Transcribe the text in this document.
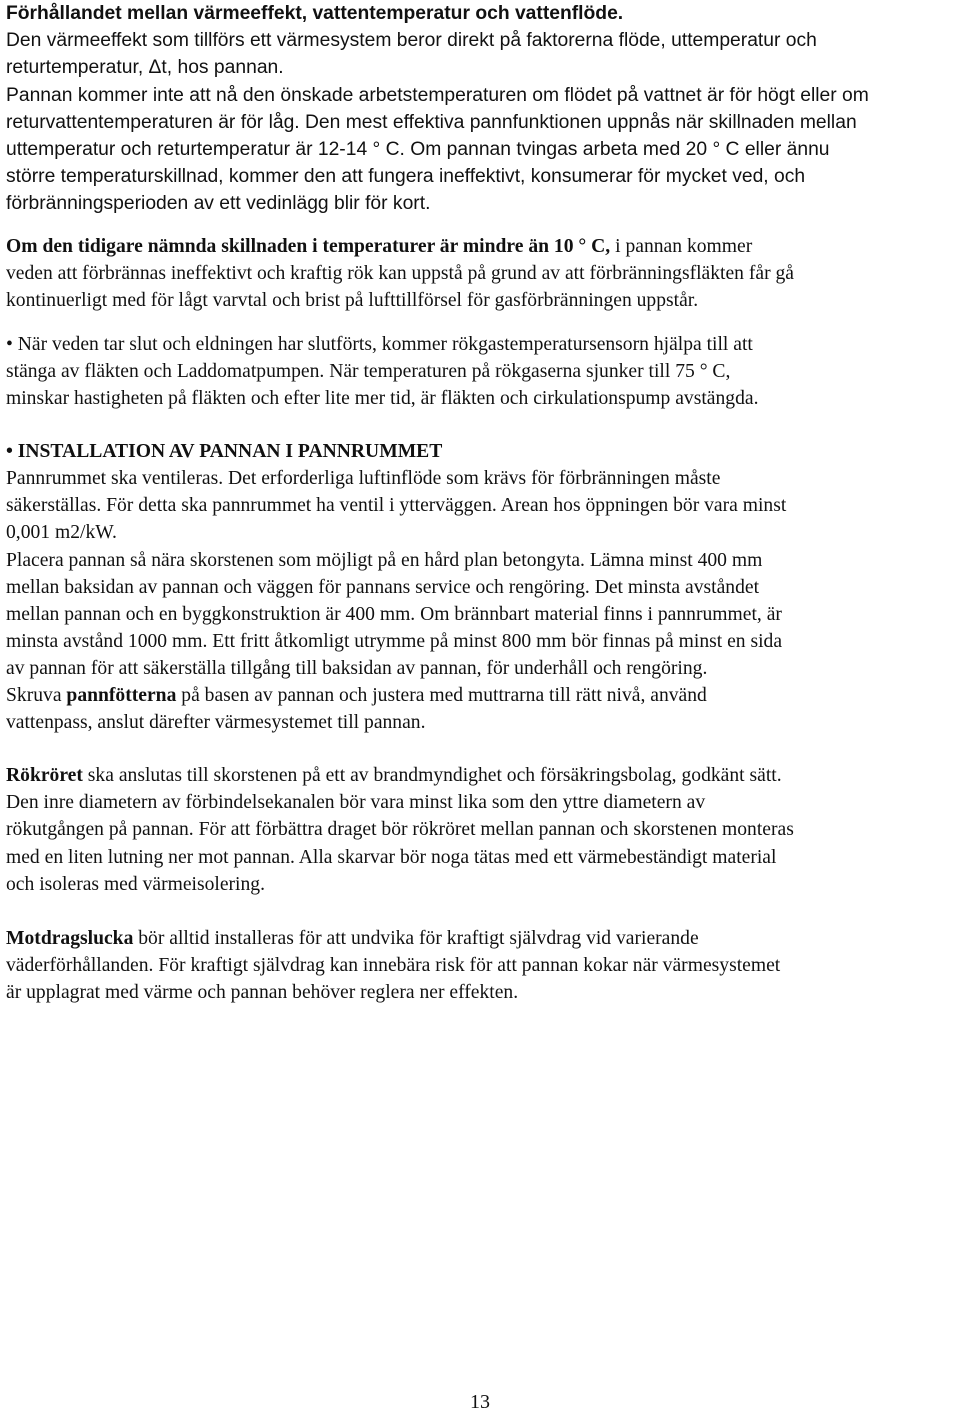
Förhållandet mellan värmeeffekt, vattentemperatur och vattenflöde.
Den värmeeffekt som tillförs ett värmesystem beror direkt på faktorerna flöde, uttemperatur och
returtemperatur, Δt, hos pannan.
Pannan kommer inte att nå den önskade arbetstemperaturen om flödet på vattnet är för högt eller om
returvattentemperaturen är för låg. Den mest effektiva pannfunktionen uppnås när skillnaden mellan
uttemperatur och returtemperatur är 12-14 ° C. Om pannan tvingas arbeta med 20 ° C eller ännu
större temperaturskillnad, kommer den att fungera ineffektivt, konsumerar för mycket ved, och
förbränningsperioden av ett vedinlägg blir för kort.
Om den tidigare nämnda skillnaden i temperaturer är mindre än 10 ° C, i pannan kommer
veden att förbrännas ineffektivt och kraftig rök kan uppstå på grund av att förbränningsfläkten får gå
kontinuerligt med för lågt varvtal och brist på lufttillförsel för gasförbränningen uppstår.
• När veden tar slut och eldningen har slutförts, kommer rökgastemperatursensorn hjälpa till att
stänga av fläkten och Laddomatpumpen. När temperaturen på rökgaserna sjunker till 75 ° C,
minskar hastigheten på fläkten och efter lite mer tid, är fläkten och cirkulationspump avstängda.
• INSTALLATION AV PANNAN I PANNRUMMET
Pannrummet ska ventileras. Det erforderliga luftinflöde som krävs för förbränningen måste
säkerställas. För detta ska pannrummet ha ventil i ytterväggen. Arean hos öppningen bör vara minst
0,001 m2/kW.
Placera pannan så nära skorstenen som möjligt på en hård plan betongyta. Lämna minst 400 mm
mellan baksidan av pannan och väggen för pannans service och rengöring. Det minsta avståndet
mellan pannan och en byggkonstruktion är 400 mm. Om brännbart material finns i pannrummet, är
minsta avstånd 1000 mm. Ett fritt åtkomligt utrymme på minst 800 mm bör finnas på minst en sida
av pannan för att säkerställa tillgång till baksidan av pannan, för underhåll och rengöring.
Skruva pannfötterna på basen av pannan och justera med muttrarna till rätt nivå, använd
vattenpass, anslut därefter värmesystemet till pannan.
Rökröret ska anslutas till skorstenen på ett av brandmyndighet och försäkringsbolag, godkänt sätt.
Den inre diametern av förbindelsekanalen bör vara minst lika som den yttre diametern av
rökutgången på pannan. För att förbättra draget bör rökröret mellan pannan och skorstenen monteras
med en liten lutning ner mot pannan. Alla skarvar bör noga tätas med ett värmebeständigt material
och isoleras med värmeisolering.
Motdragslucka bör alltid installeras för att undvika för kraftigt självdrag vid varierande
väderförhållanden. För kraftigt självdrag kan innebära risk för att pannan kokar när värmesystemet
är upplagrat med värme och pannan behöver reglera ner effekten.
13
